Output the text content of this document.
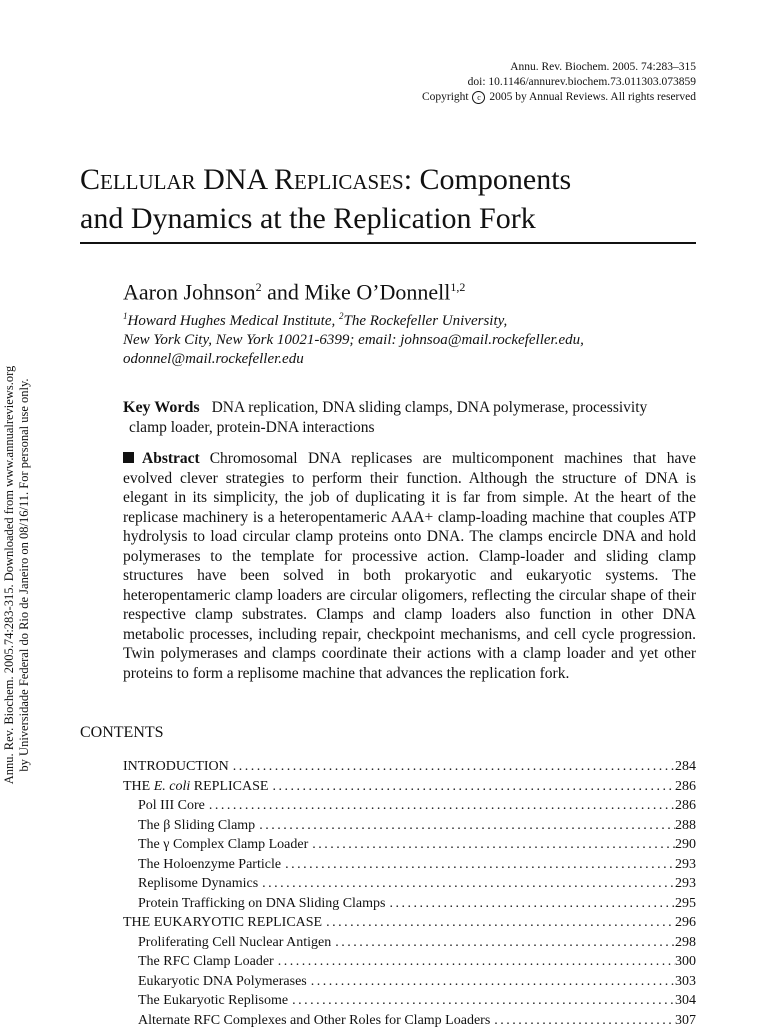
Annu. Rev. Biochem. 2005.74:283-315. Downloaded from www.annualreviews.org by Universidade Federal do Rio de Janeiro on 08/16/11. For personal use only.
Annu. Rev. Biochem. 2005. 74:283–315
doi: 10.1146/annurev.biochem.73.011303.073859
Copyright c 2005 by Annual Reviews. All rights reserved
Cellular DNA Replicases: Components
and Dynamics at the Replication Fork
Aaron Johnson$^2$ and Mike O’Donnell$^{1,2}$
$^1$Howard Hughes Medical Institute, $^2$The Rockefeller University,
New York City, New York 10021-6399; email: johnsoa@mail.rockefeller.edu,
odonnel@mail.rockefeller.edu
Key Words DNA replication, DNA sliding clamps, DNA polymerase, processivity
clamp loader, protein-DNA interactions
Abstract Chromosomal DNA replicases are multicomponent machines that have evolved clever strategies to perform their function. Although the structure of DNA is elegant in its simplicity, the job of duplicating it is far from simple. At the heart of the replicase machinery is a heteropentameric AAA+ clamp-loading machine that couples ATP hydrolysis to load circular clamp proteins onto DNA. The clamps encircle DNA and hold polymerases to the template for processive action. Clamp-loader and sliding clamp structures have been solved in both prokaryotic and eukaryotic systems. The heteropentameric clamp loaders are circular oligomers, reflecting the circular shape of their respective clamp substrates. Clamps and clamp loaders also function in other DNA metabolic processes, including repair, checkpoint mechanisms, and cell cycle progression. Twin polymerases and clamps coordinate their actions with a clamp loader and yet other proteins to form a replisome machine that advances the replication fork.
CONTENTS
INTRODUCTION .....	284
THE E. coli REPLICASE .....	286
Pol III Core .....	286
The β Sliding Clamp .....	288
The γ Complex Clamp Loader .....	290
The Holoenzyme Particle .....	293
Replisome Dynamics .....	293
Protein Trafficking on DNA Sliding Clamps .....	295
THE EUKARYOTIC REPLICASE .....	296
Proliferating Cell Nuclear Antigen .....	298
The RFC Clamp Loader .....	300
Eukaryotic DNA Polymerases .....	303
The Eukaryotic Replisome .....	304
Alternate RFC Complexes and Other Roles for Clamp Loaders .....	307
